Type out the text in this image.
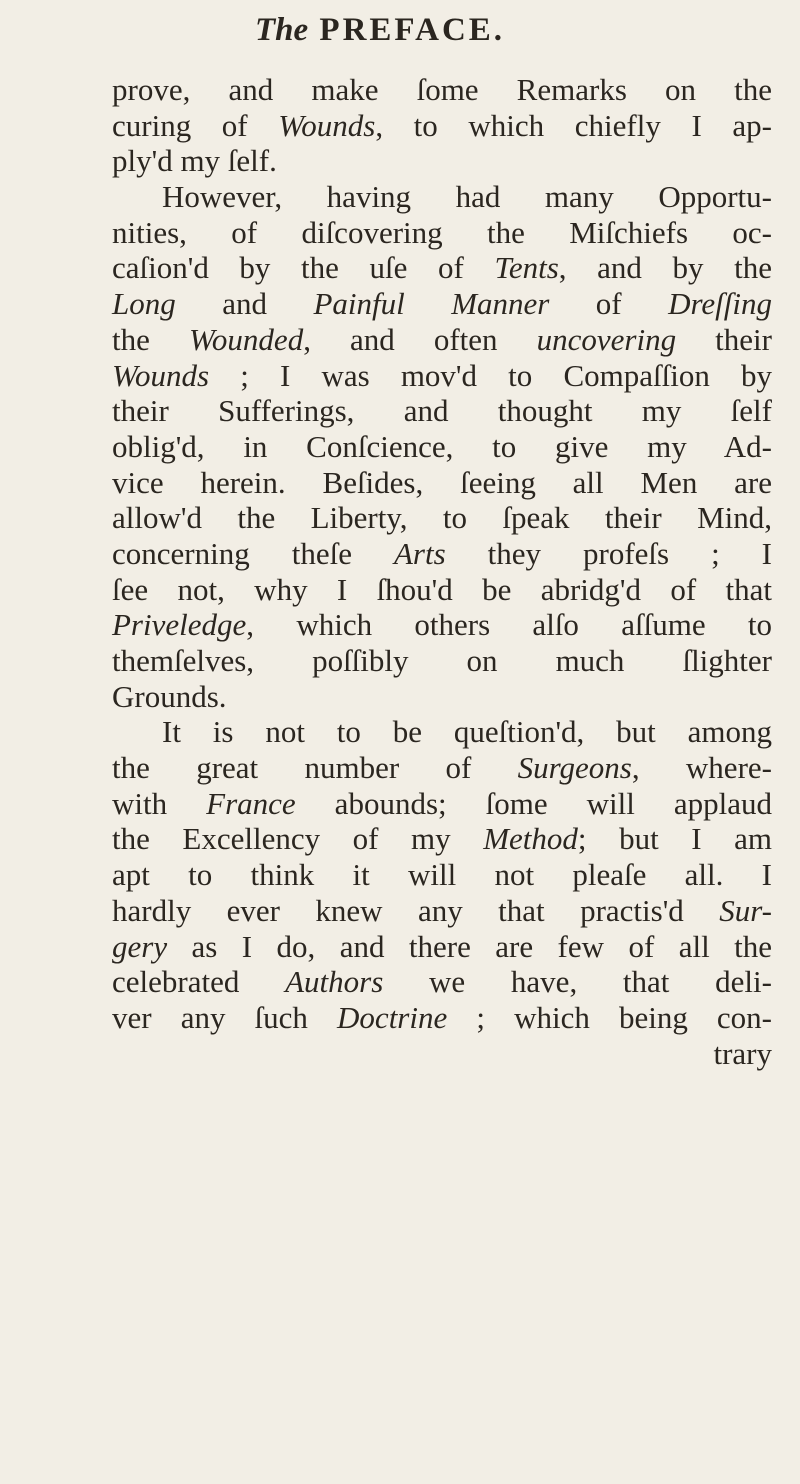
The PREFACE.
prove, and make ſome Remarks on the
curing of Wounds, to which chiefly I ap-
ply'd my ſelf.
However, having had many Opportu-
nities, of diſcovering the Miſchiefs oc-
caſion'd by the uſe of Tents, and by the
Long and Painful Manner of Dreſſing
the Wounded, and often uncovering their
Wounds ; I was mov'd to Compaſſion by
their Sufferings, and thought my ſelf
oblig'd, in Conſcience, to give my Ad-
vice herein. Beſides, ſeeing all Men are
allow'd the Liberty, to ſpeak their Mind,
concerning theſe Arts they profeſs ; I
ſee not, why I ſhou'd be abridg'd of that
Priveledge, which others alſo aſſume to
themſelves, poſſibly on much ſlighter
Grounds.
It is not to be queſtion'd, but among
the great number of Surgeons, where-
with France abounds; ſome will applaud
the Excellency of my Method; but I am
apt to think it will not pleaſe all. I
hardly ever knew any that practis'd Sur-
gery as I do, and there are few of all the
celebrated Authors we have, that deli-
ver any ſuch Doctrine ; which being con-
trary
